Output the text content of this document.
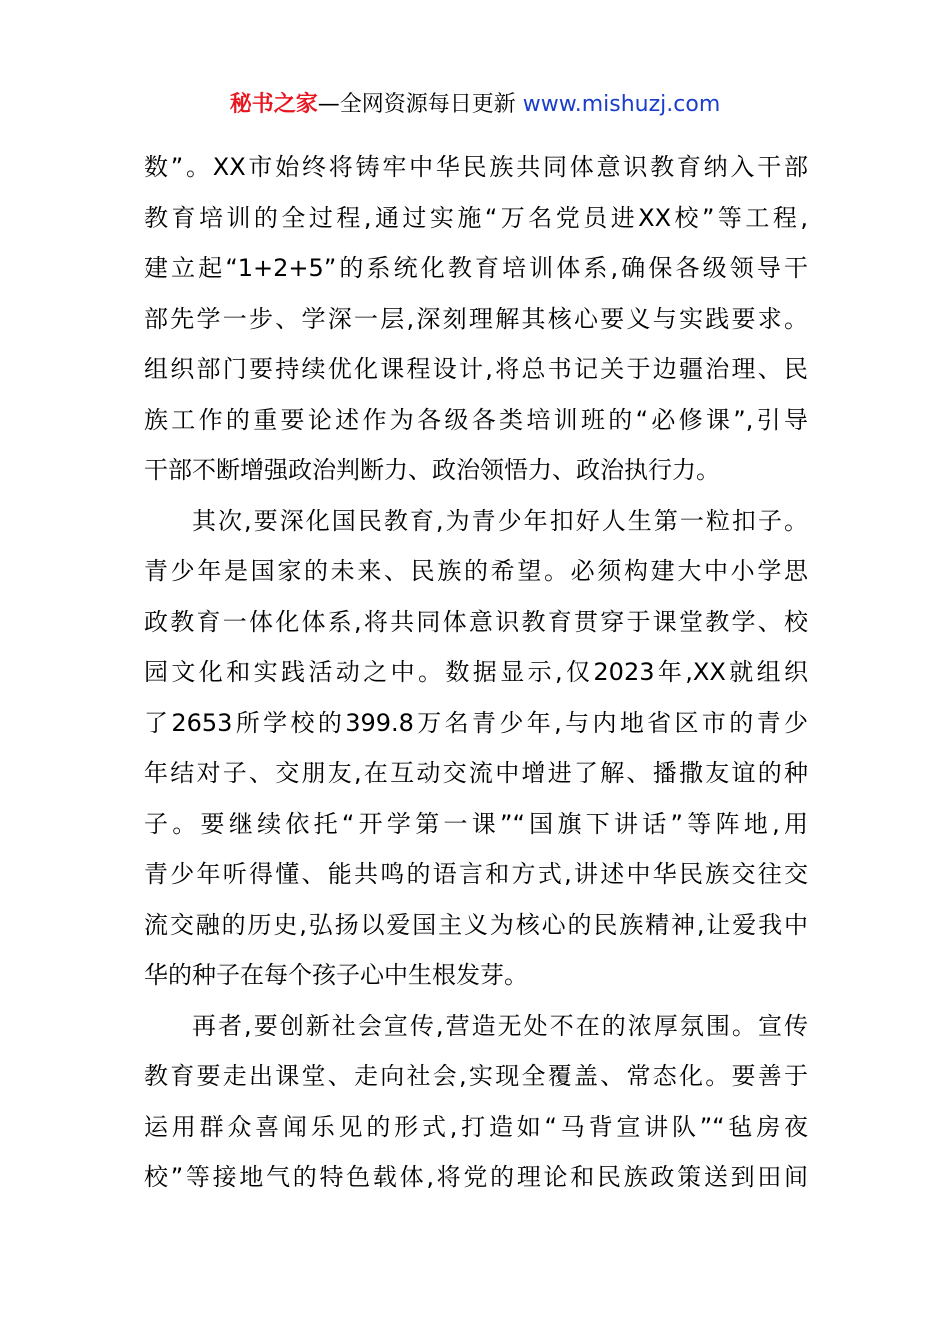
秘书之家—全网资源每日更新 www.mishuzj.com
数”。XX市始终将铸牢中华民族共同体意识教育纳入干部
教育培训的全过程,通过实施“万名党员进XX校”等工程,
建立起“1+2+5”的系统化教育培训体系,确保各级领导干
部先学一步、学深一层,深刻理解其核心要义与实践要求。
组织部门要持续优化课程设计,将总书记关于边疆治理、民
族工作的重要论述作为各级各类培训班的“必修课”,引导
干部不断增强政治判断力、政治领悟力、政治执行力。
其次,要深化国民教育,为青少年扣好人生第一粒扣子。
青少年是国家的未来、民族的希望。必须构建大中小学思
政教育一体化体系,将共同体意识教育贯穿于课堂教学、校
园文化和实践活动之中。数据显示,仅2023年,XX就组织
了2653所学校的399.8万名青少年,与内地省区市的青少
年结对子、交朋友,在互动交流中增进了解、播撒友谊的种
子。要继续依托“开学第一课”“国旗下讲话”等阵地,用
青少年听得懂、能共鸣的语言和方式,讲述中华民族交往交
流交融的历史,弘扬以爱国主义为核心的民族精神,让爱我中
华的种子在每个孩子心中生根发芽。
再者,要创新社会宣传,营造无处不在的浓厚氛围。宣传
教育要走出课堂、走向社会,实现全覆盖、常态化。要善于
运用群众喜闻乐见的形式,打造如“马背宣讲队”“毡房夜
校”等接地气的特色载体,将党的理论和民族政策送到田间
